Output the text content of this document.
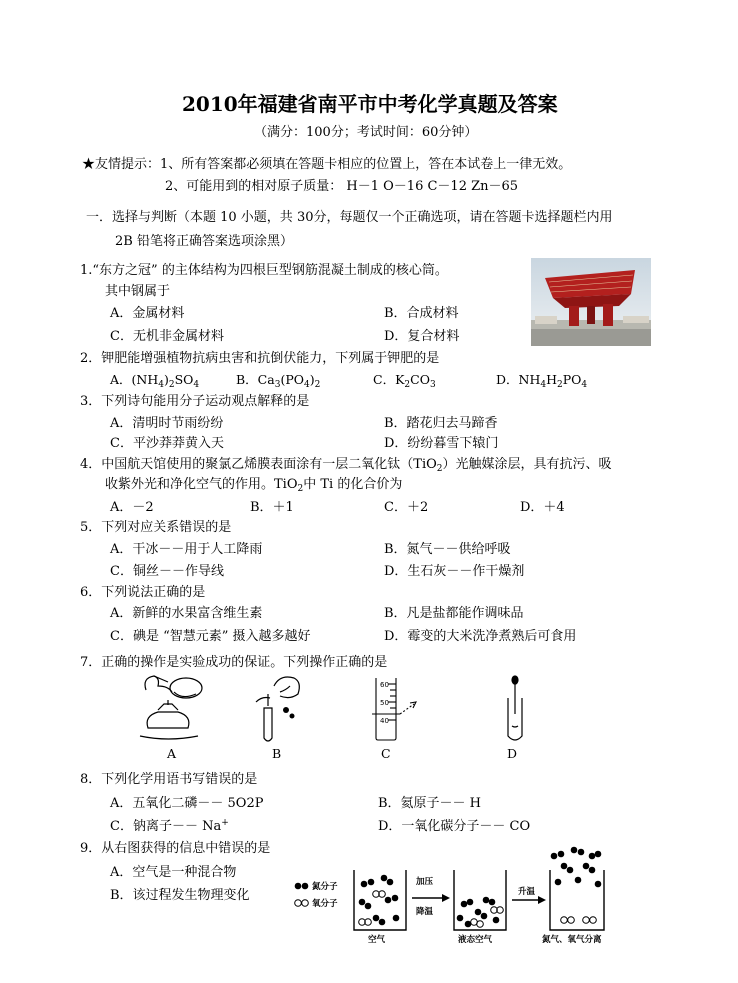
2010年福建省南平市中考化学真题及答案
（满分：100分；考试时间：60分钟）
★友情提示：1、所有答案都必须填在答题卡相应的位置上，答在本试卷上一律无效。
2、可能用到的相对原子质量： H－1 O－16 C－12 Zn－65
一．选择与判断（本题 10 小题，共 30分，每题仅一个正确选项，请在答题卡选择题栏内用
2B 铅笔将正确答案选项涂黑）
1.“东方之冠” 的主体结构为四根巨型钢筋混凝土制成的核心筒。
其中钢属于
A．金属材料	B．合成材料
C．无机非金属材料	D．复合材料
2．钾肥能增强植物抗病虫害和抗倒伏能力，下列属于钾肥的是
A．$(NH_4)_2SO_4$	B．$Ca_3(PO_4)_2$	C．$K_2CO_3$	D．$NH_4H_2PO_4$
3．下列诗句能用分子运动观点解释的是
A．清明时节雨纷纷	B．踏花归去马蹄香
C．平沙莽莽黄入天	D．纷纷暮雪下辕门
4．中国航天馆使用的聚氯乙烯膜表面涂有一层二氧化钛（TiO$_2$）光触媒涂层，具有抗污、吸
收紫外光和净化空气的作用。TiO$_2$中 Ti 的化合价为
A．－2	B．＋1	C．＋2	D．＋4
5．下列对应关系错误的是
A．干冰－－用于人工降雨	B．氮气－－供给呼吸
C．铜丝－－作导线	D．生石灰－－作干燥剂
6．下列说法正确的是
A．新鲜的水果富含维生素	B．凡是盐都能作调味品
C．碘是 “智慧元素” 摄入越多越好	D．霉变的大米洗净煮熟后可食用
7．正确的操作是实验成功的保证。下列操作正确的是
A	B
60
50
40
C	D
8．下列化学用语书写错误的是
A．五氧化二磷－－ 5O2P	B．氦原子－－ H
C．钠离子－－ Na+	D．一氧化碳分子－－ CO
9．从右图获得的信息中错误的是
A．空气是一种混合物
B．该过程发生物理变化
氮分子
氧分子
空气
加压
降温
液态空气
升温
氮气、氧气分离
